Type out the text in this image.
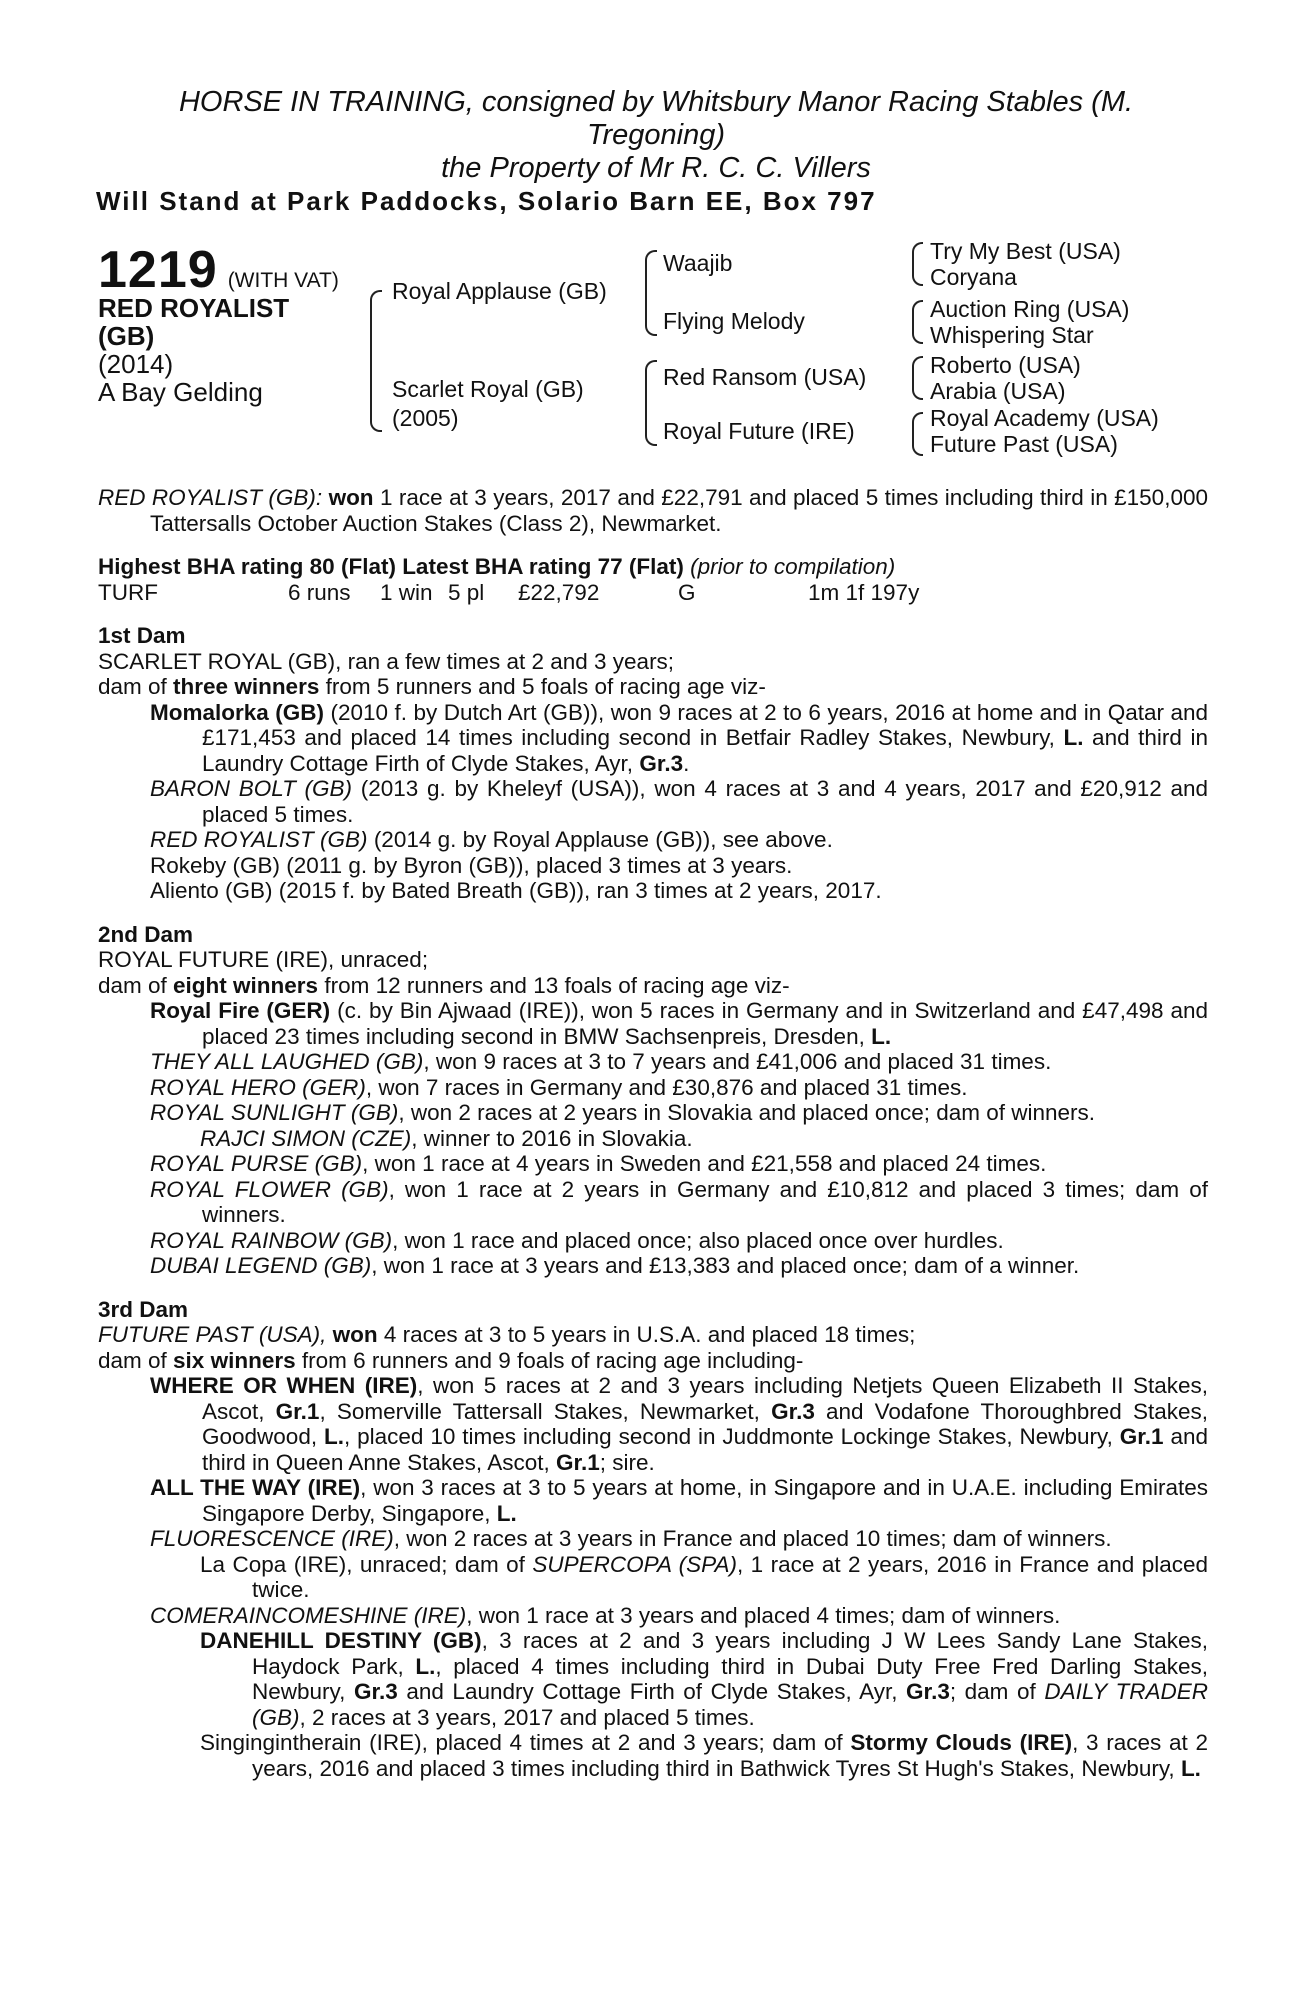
HORSE IN TRAINING, consigned by Whitsbury Manor Racing Stables (M.
Tregoning)
the Property of Mr R. C. C. Villers
Will Stand at Park Paddocks, Solario Barn EE, Box 797
1219 (WITH VAT)
RED ROYALIST
(GB)
(2014)
A Bay Gelding
Royal Applause (GB)
Scarlet Royal (GB)
(2005)
Waajib
Flying Melody
Red Ransom (USA)
Royal Future (IRE)
Try My Best (USA)
Coryana
Auction Ring (USA)
Whispering Star
Roberto (USA)
Arabia (USA)
Royal Academy (USA)
Future Past (USA)

RED ROYALIST (GB): won 1 race at 3 years, 2017 and £22,791 and placed 5 times including third in £150,000 Tattersalls October Auction Stakes (Class 2), Newmarket.

Highest BHA rating 80 (Flat) Latest BHA rating 77 (Flat) (prior to compilation)

TURF	6 runs 1 win 5 pl £22,792	G	1m 1f 197y

1st Dam

SCARLET ROYAL (GB), ran a few times at 2 and 3 years;

dam of three winners from 5 runners and 5 foals of racing age viz-

Momalorka (GB) (2010 f. by Dutch Art (GB)), won 9 races at 2 to 6 years, 2016 at home and in Qatar and £171,453 and placed 14 times including second in Betfair Radley Stakes, Newbury, L. and third in Laundry Cottage Firth of Clyde Stakes, Ayr, Gr.3.

BARON BOLT (GB) (2013 g. by Kheleyf (USA)), won 4 races at 3 and 4 years, 2017 and £20,912 and placed 5 times.

RED ROYALIST (GB) (2014 g. by Royal Applause (GB)), see above.

Rokeby (GB) (2011 g. by Byron (GB)), placed 3 times at 3 years.

Aliento (GB) (2015 f. by Bated Breath (GB)), ran 3 times at 2 years, 2017.

2nd Dam

ROYAL FUTURE (IRE), unraced;

dam of eight winners from 12 runners and 13 foals of racing age viz-

Royal Fire (GER) (c. by Bin Ajwaad (IRE)), won 5 races in Germany and in Switzerland and £47,498 and placed 23 times including second in BMW Sachsenpreis, Dresden, L.

THEY ALL LAUGHED (GB), won 9 races at 3 to 7 years and £41,006 and placed 31 times.

ROYAL HERO (GER), won 7 races in Germany and £30,876 and placed 31 times.

ROYAL SUNLIGHT (GB), won 2 races at 2 years in Slovakia and placed once; dam of winners.

RAJCI SIMON (CZE), winner to 2016 in Slovakia.

ROYAL PURSE (GB), won 1 race at 4 years in Sweden and £21,558 and placed 24 times.

ROYAL FLOWER (GB), won 1 race at 2 years in Germany and £10,812 and placed 3 times; dam of winners.

ROYAL RAINBOW (GB), won 1 race and placed once; also placed once over hurdles.

DUBAI LEGEND (GB), won 1 race at 3 years and £13,383 and placed once; dam of a winner.

3rd Dam

FUTURE PAST (USA), won 4 races at 3 to 5 years in U.S.A. and placed 18 times;

dam of six winners from 6 runners and 9 foals of racing age including-

WHERE OR WHEN (IRE), won 5 races at 2 and 3 years including Netjets Queen Elizabeth II Stakes, Ascot, Gr.1, Somerville Tattersall Stakes, Newmarket, Gr.3 and Vodafone Thoroughbred Stakes, Goodwood, L., placed 10 times including second in Juddmonte Lockinge Stakes, Newbury, Gr.1 and third in Queen Anne Stakes, Ascot, Gr.1; sire.

ALL THE WAY (IRE), won 3 races at 3 to 5 years at home, in Singapore and in U.A.E. including Emirates Singapore Derby, Singapore, L.

FLUORESCENCE (IRE), won 2 races at 3 years in France and placed 10 times; dam of winners.

La Copa (IRE), unraced; dam of SUPERCOPA (SPA), 1 race at 2 years, 2016 in France and placed twice.

COMERAINCOMESHINE (IRE), won 1 race at 3 years and placed 4 times; dam of winners.

DANEHILL DESTINY (GB), 3 races at 2 and 3 years including J W Lees Sandy Lane Stakes, Haydock Park, L., placed 4 times including third in Dubai Duty Free Fred Darling Stakes, Newbury, Gr.3 and Laundry Cottage Firth of Clyde Stakes, Ayr, Gr.3; dam of DAILY TRADER (GB), 2 races at 3 years, 2017 and placed 5 times.

Singingintherain (IRE), placed 4 times at 2 and 3 years; dam of Stormy Clouds (IRE), 3 races at 2 years, 2016 and placed 3 times including third in Bathwick Tyres St Hugh's Stakes, Newbury, L.
